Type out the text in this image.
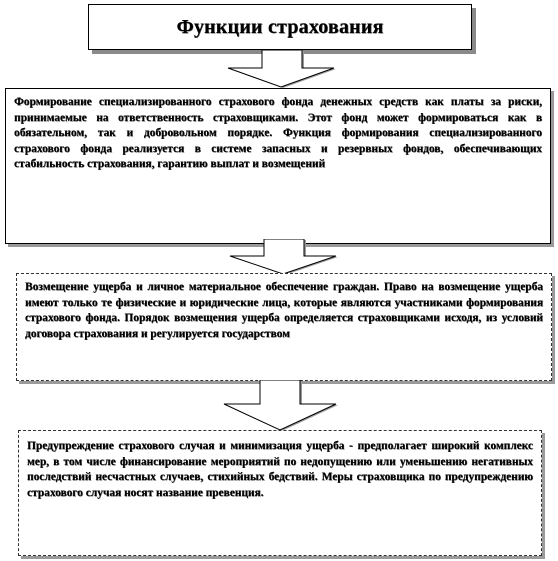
Функции страхования
Формирование специализированного страхового фонда денежных средств как платы за риски, принимаемые на ответственность страховщиками. Этот фонд может формироваться как в обязательном, так и добровольном порядке. Функция формирования специализированного страхового фонда реализуется в системе запасных и резервных фондов, обеспечивающих стабильность страхования, гарантию выплат и возмещений
Возмещение ущерба и личное материальное обеспечение граждан. Право на возмещение ущерба имеют только те физические и юридические лица, которые являются участниками формирования страхового фонда. Порядок возмещения ущерба определяется страховщиками исходя, из условий договора страхования и регулируется государством
Предупреждение страхового случая и минимизация ущерба - предполагает широкий комплекс мер, в том числе финансирование мероприятий по недопущению или уменьшению негативных последствий несчастных случаев, стихийных бедствий. Меры страховщика по предупреждению страхового случая носят название превенция.
